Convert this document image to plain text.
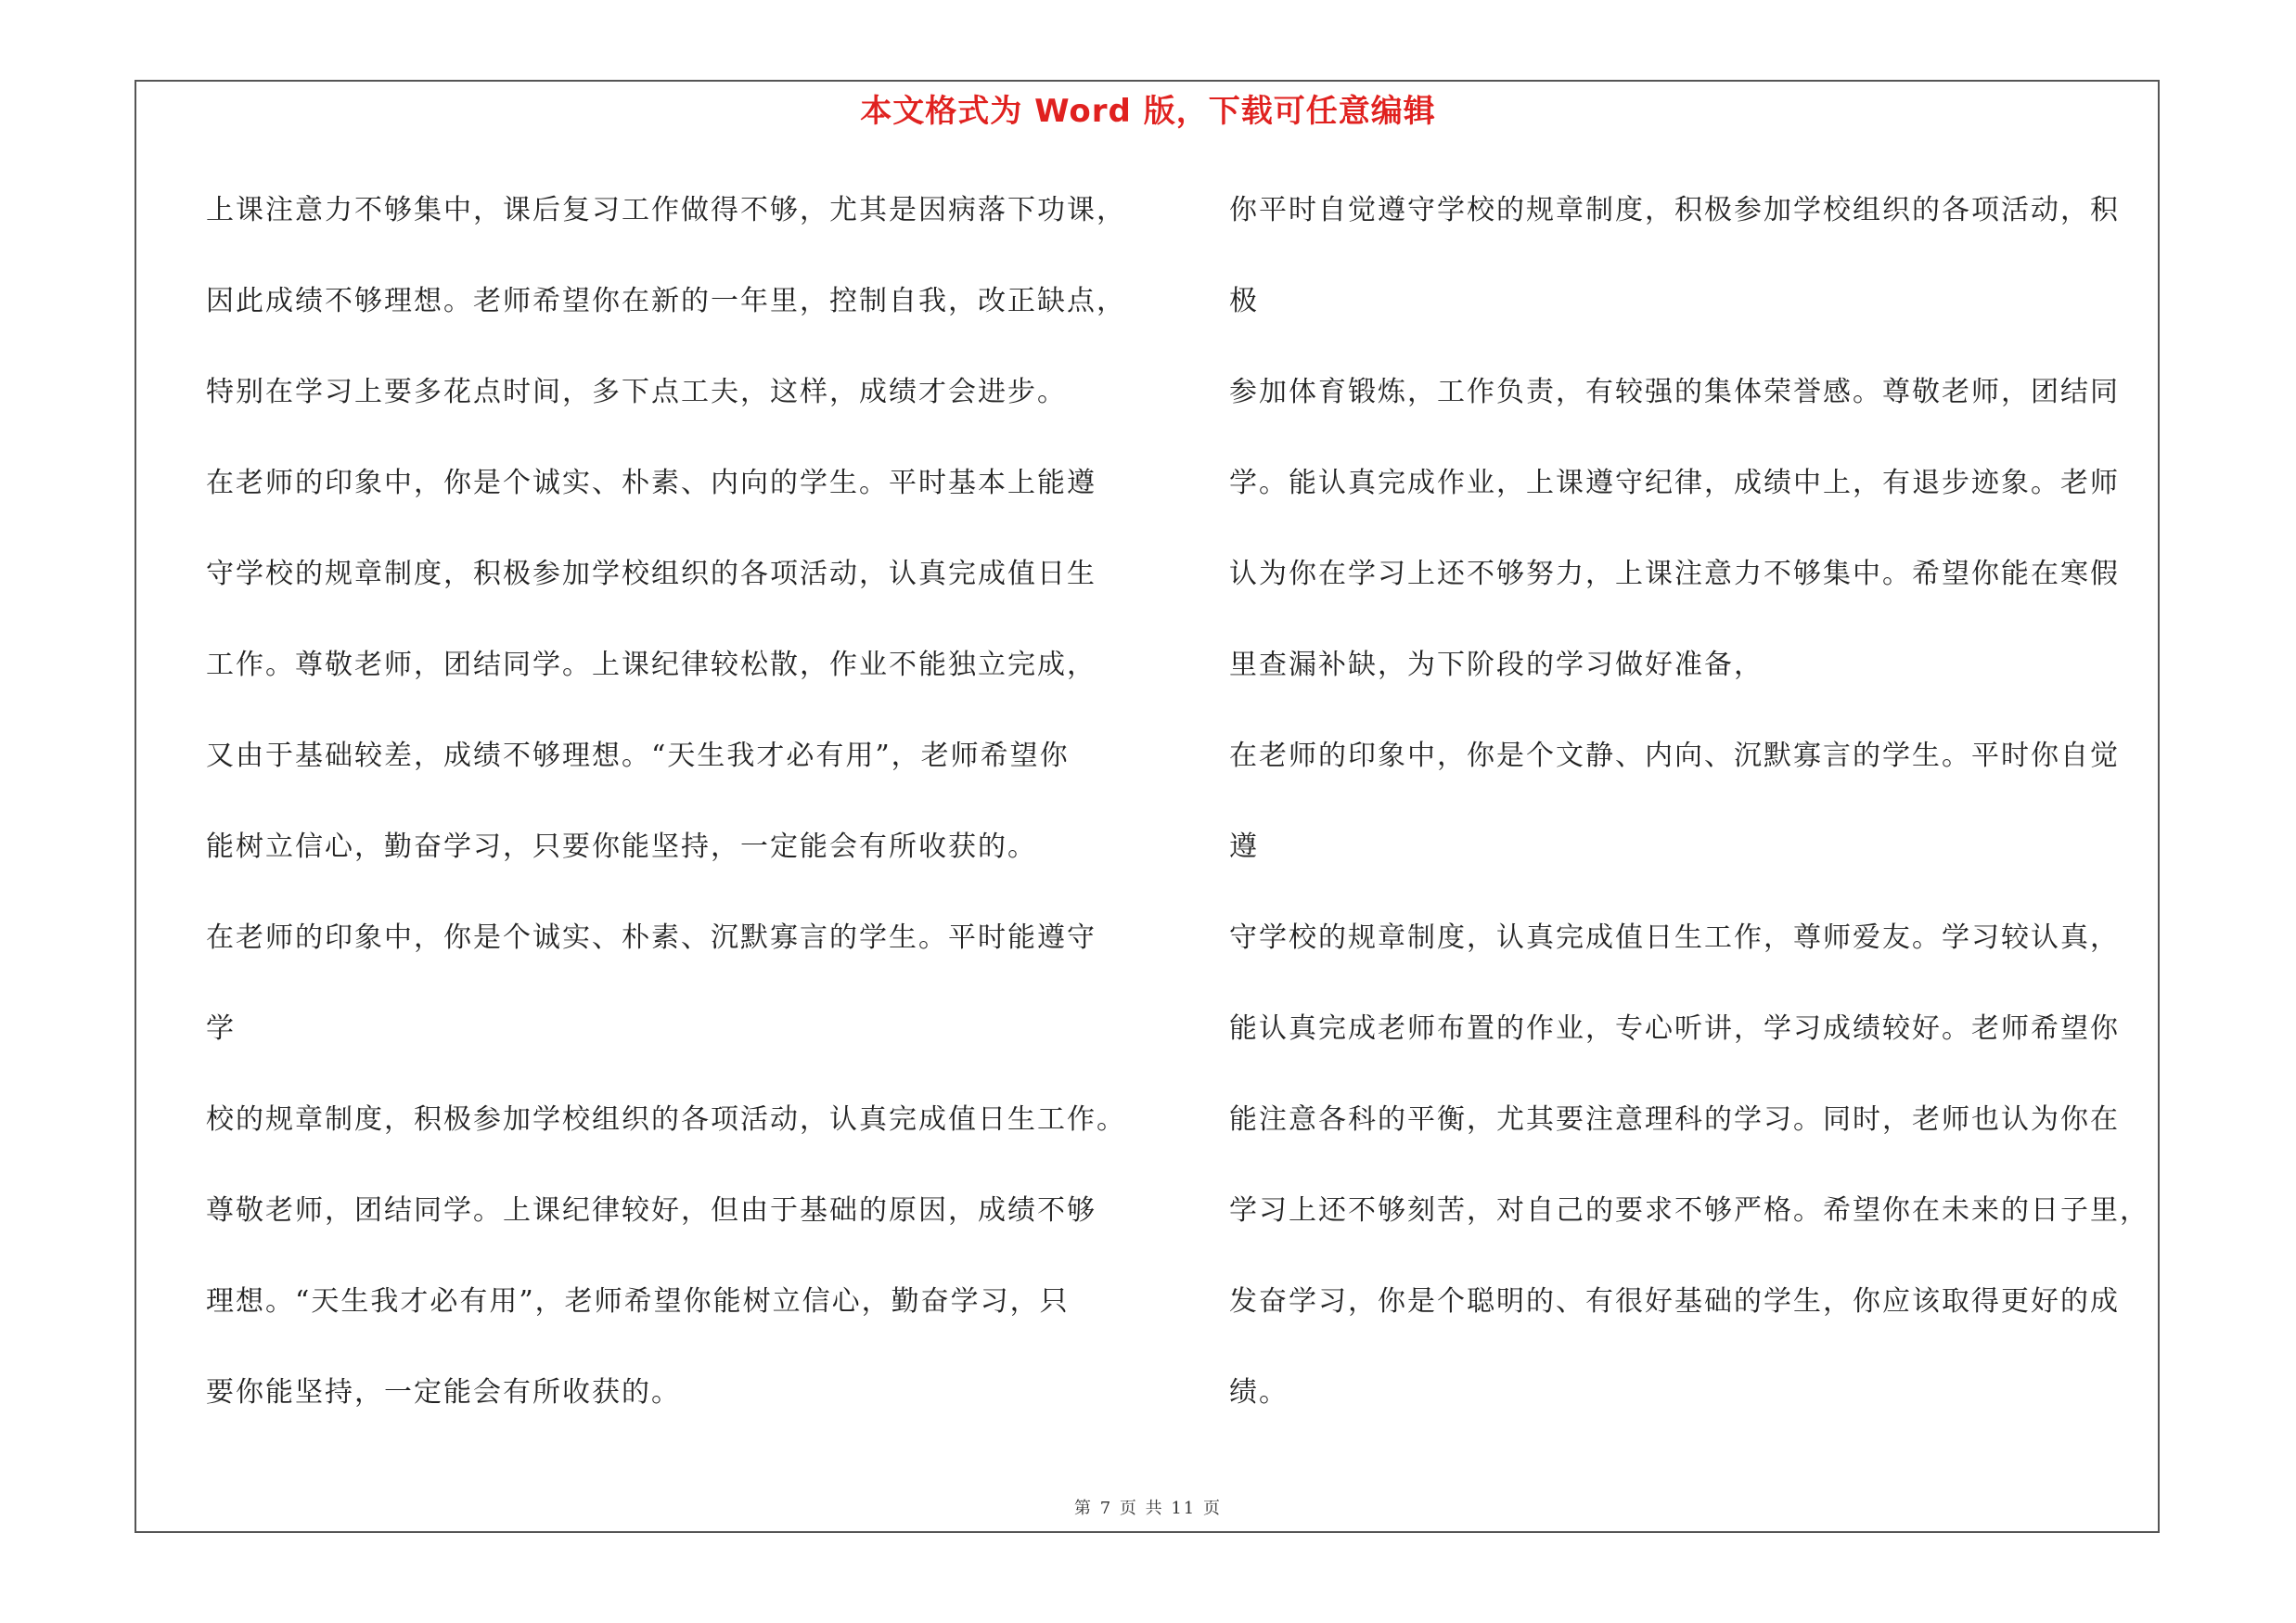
本文格式为 Word 版，下载可任意编辑
上课注意力不够集中，课后复习工作做得不够，尤其是因病落下功课，
因此成绩不够理想。老师希望你在新的一年里，控制自我，改正缺点，
特别在学习上要多花点时间，多下点工夫，这样，成绩才会进步。
在老师的印象中，你是个诚实、朴素、内向的学生。平时基本上能遵
守学校的规章制度，积极参加学校组织的各项活动，认真完成值日生
工作。尊敬老师，团结同学。上课纪律较松散，作业不能独立完成，
又由于基础较差，成绩不够理想。“天生我才必有用”，老师希望你
能树立信心，勤奋学习，只要你能坚持，一定能会有所收获的。
在老师的印象中，你是个诚实、朴素、沉默寡言的学生。平时能遵守
学
校的规章制度，积极参加学校组织的各项活动，认真完成值日生工作。
尊敬老师，团结同学。上课纪律较好，但由于基础的原因，成绩不够
理想。“天生我才必有用”，老师希望你能树立信心，勤奋学习，只
要你能坚持，一定能会有所收获的。
你平时自觉遵守学校的规章制度，积极参加学校组织的各项活动，积
极
参加体育锻炼，工作负责，有较强的集体荣誉感。尊敬老师，团结同
学。能认真完成作业，上课遵守纪律，成绩中上，有退步迹象。老师
认为你在学习上还不够努力，上课注意力不够集中。希望你能在寒假
里查漏补缺，为下阶段的学习做好准备，
在老师的印象中，你是个文静、内向、沉默寡言的学生。平时你自觉
遵
守学校的规章制度，认真完成值日生工作，尊师爱友。学习较认真，
能认真完成老师布置的作业，专心听讲，学习成绩较好。老师希望你
能注意各科的平衡，尤其要注意理科的学习。同时，老师也认为你在
学习上还不够刻苦，对自己的要求不够严格。希望你在未来的日子里，
发奋学习，你是个聪明的、有很好基础的学生，你应该取得更好的成
绩。
第 7 页 共 11 页
